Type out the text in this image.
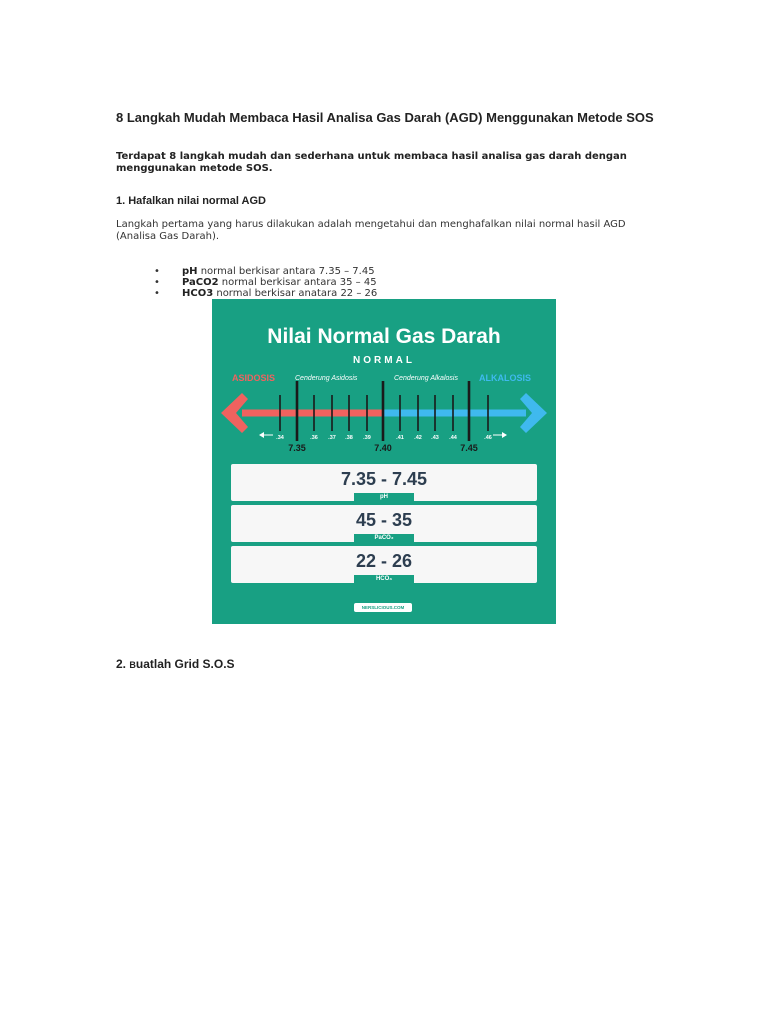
8 Langkah Mudah Membaca Hasil Analisa Gas Darah (AGD) Menggunakan Metode SOS

Terdapat 8 langkah mudah dan sederhana untuk membaca hasil analisa gas darah dengan menggunakan metode SOS.

1. Hafalkan nilai normal AGD

Langkah pertama yang harus dilakukan adalah mengetahui dan menghafalkan nilai normal hasil AGD (Analisa Gas Darah).

• pH normal berkisar antara 7.35 – 7.45
• PaCO2 normal berkisar antara 35 – 45
• HCO3 normal berkisar anatara 22 – 26
Nilai Normal Gas Darah
NORMAL
ASIDOSIS	Cenderung Asidosis	Cenderung Alkalosis ALKALOSIS
.34	.36 .37 .38 .39	.41 .42 .43 .44	.46
7.35	7.40	7.45
7.35 - 7.45
pH
45 - 35
PaCO₂
22 - 26
HCO₃
NERSLICIOUS.COM
2. Buatlah Grid S.O.S
